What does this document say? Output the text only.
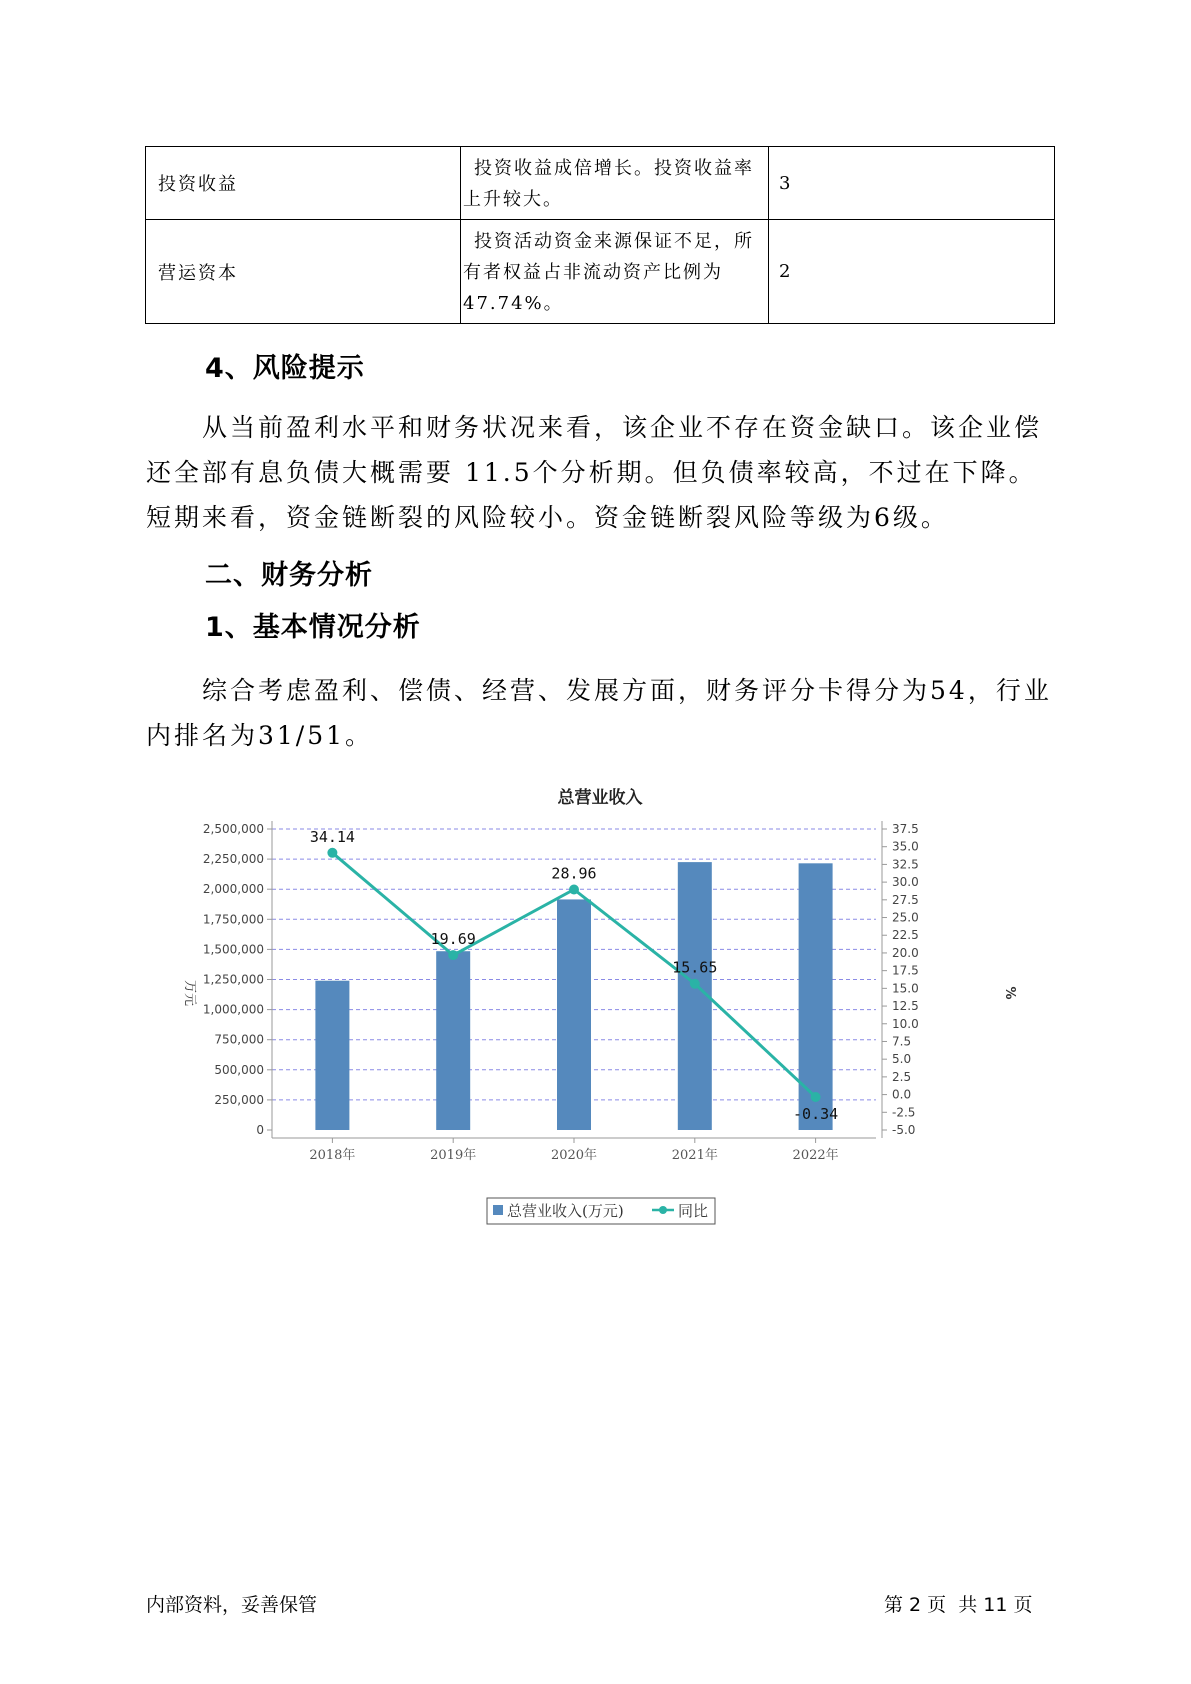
投资收益	投资收益成倍增长。投资收益率上升较大。	3
营运资本	投资活动资金来源保证不足，所有者权益占非流动资产比例为47.74%。	2
4、风险提示
从当前盈利水平和财务状况来看，该企业不存在资金缺口。该企业偿还全部有息负债大概需要 11.5个分析期。但负债率较高，不过在下降。短期来看，资金链断裂的风险较小。资金链断裂风险等级为6级。
二、财务分析
1、基本情况分析
综合考虑盈利、偿债、经营、发展方面，财务评分卡得分为54，行业内排名为31/51。
总营业收入
0
250,000
500,000
750,000
1,000,000
1,250,000
1,500,000
1,750,000
2,000,000
2,250,000
2,500,000
-5.0
-2.5
0.0
2.5
5.0
7.5
10.0
12.5
15.0
17.5
20.0
22.5
25.0
27.5
30.0
32.5
35.0
37.5
2018年	2019年	2020年	2021年	2022年
34.14
19.69
28.96
15.65
-0.34
万元	%
总营业收入(万元)	同比
内部资料，妥善保管	第 2 页  共 11 页
